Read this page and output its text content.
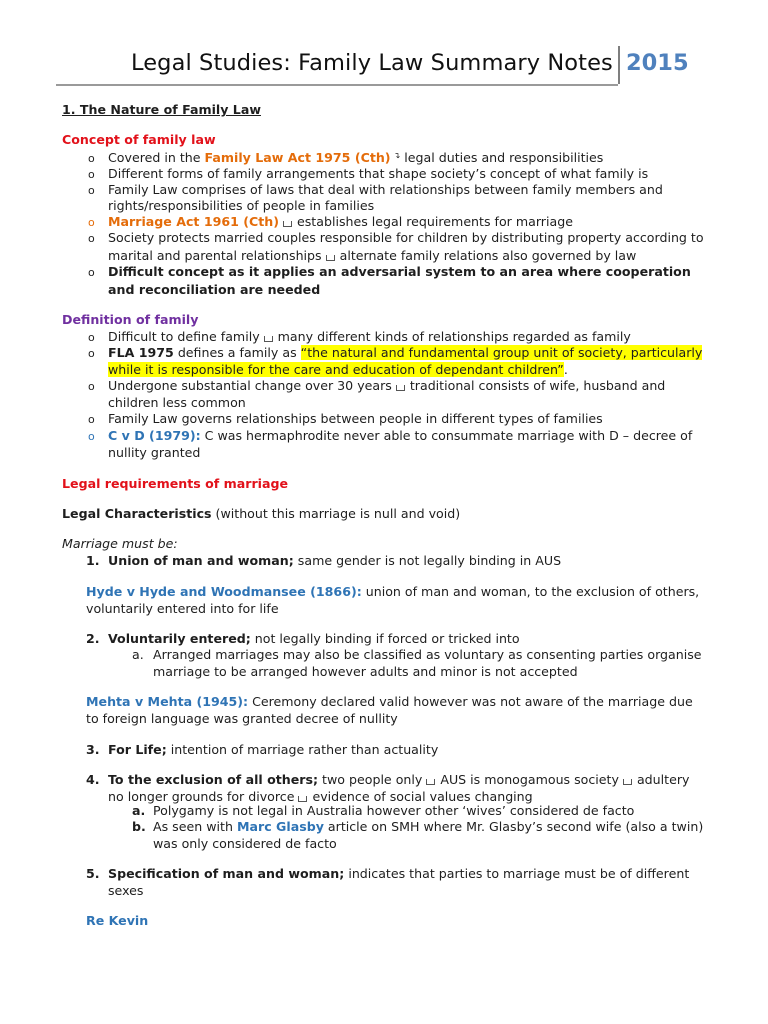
Legal Studies: Family Law Summary Notes 2015
1. The Nature of Family Law
Concept of family law
o Covered in the Family Law Act 1975 (Cth) ↴ legal duties and responsibilities
o Different forms of family arrangements that shape society’s concept of what family is
o Family Law comprises of laws that deal with relationships between family members and
rights/responsibilities of people in families
o Marriage Act 1961 (Cth) establishes legal requirements for marriage
o Society protects married couples responsible for children by distributing property according to
marital and parental relationships alternate family relations also governed by law
o Difficult concept as it applies an adversarial system to an area where cooperation
and reconciliation are needed
Definition of family
o Difficult to define family many different kinds of relationships regarded as family
o FLA 1975 defines a family as “the natural and fundamental group unit of society, particularly
while it is responsible for the care and education of dependant children”.
o Undergone substantial change over 30 years traditional consists of wife, husband and
children less common
o Family Law governs relationships between people in different types of families
o C v D (1979): C was hermaphrodite never able to consummate marriage with D – decree of
nullity granted
Legal requirements of marriage
Legal Characteristics (without this marriage is null and void)
Marriage must be:
1. Union of man and woman; same gender is not legally binding in AUS
Hyde v Hyde and Woodmansee (1866): union of man and woman, to the exclusion of others,
voluntarily entered into for life
2. Voluntarily entered; not legally binding if forced or tricked into
a. Arranged marriages may also be classified as voluntary as consenting parties organise
marriage to be arranged however adults and minor is not accepted
Mehta v Mehta (1945): Ceremony declared valid however was not aware of the marriage due
to foreign language was granted decree of nullity
3. For Life; intention of marriage rather than actuality
4. To the exclusion of all others; two people only AUS is monogamous society adultery
no longer grounds for divorce evidence of social values changing
a. Polygamy is not legal in Australia however other ‘wives’ considered de facto
b. As seen with Marc Glasby article on SMH where Mr. Glasby’s second wife (also a twin)
was only considered de facto
5. Specification of man and woman; indicates that parties to marriage must be of different
sexes
Re Kevin
